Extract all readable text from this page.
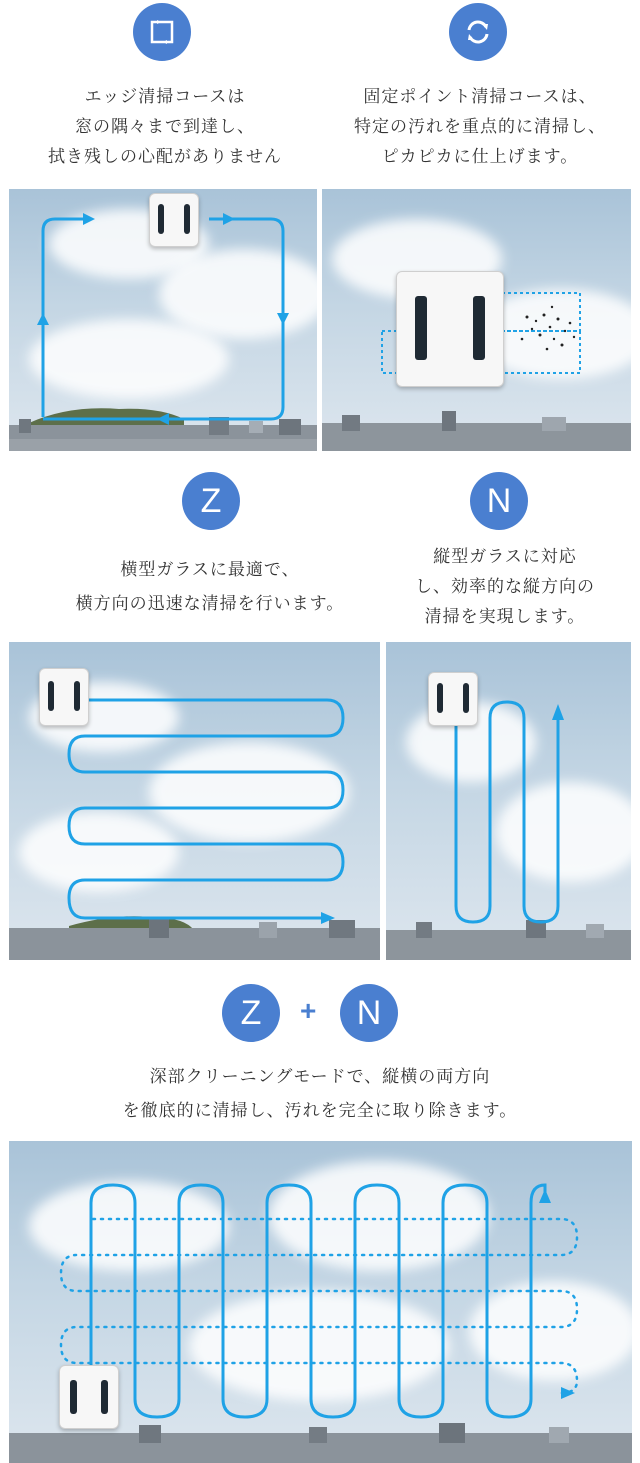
エッジ清掃コースは
窓の隅々まで到達し、
拭き残しの心配がありません
固定ポイント清掃コースは、
特定の汚れを重点的に清掃し、
ピカピカに仕上げます。
Z	N
横型ガラスに最適で、
横方向の迅速な清掃を行います。
縦型ガラスに対応
し、効率的な縦方向の
清掃を実現します。
Z + N
深部クリーニングモードで、縦横の両方向
を徹底的に清掃し、汚れを完全に取り除きます。
